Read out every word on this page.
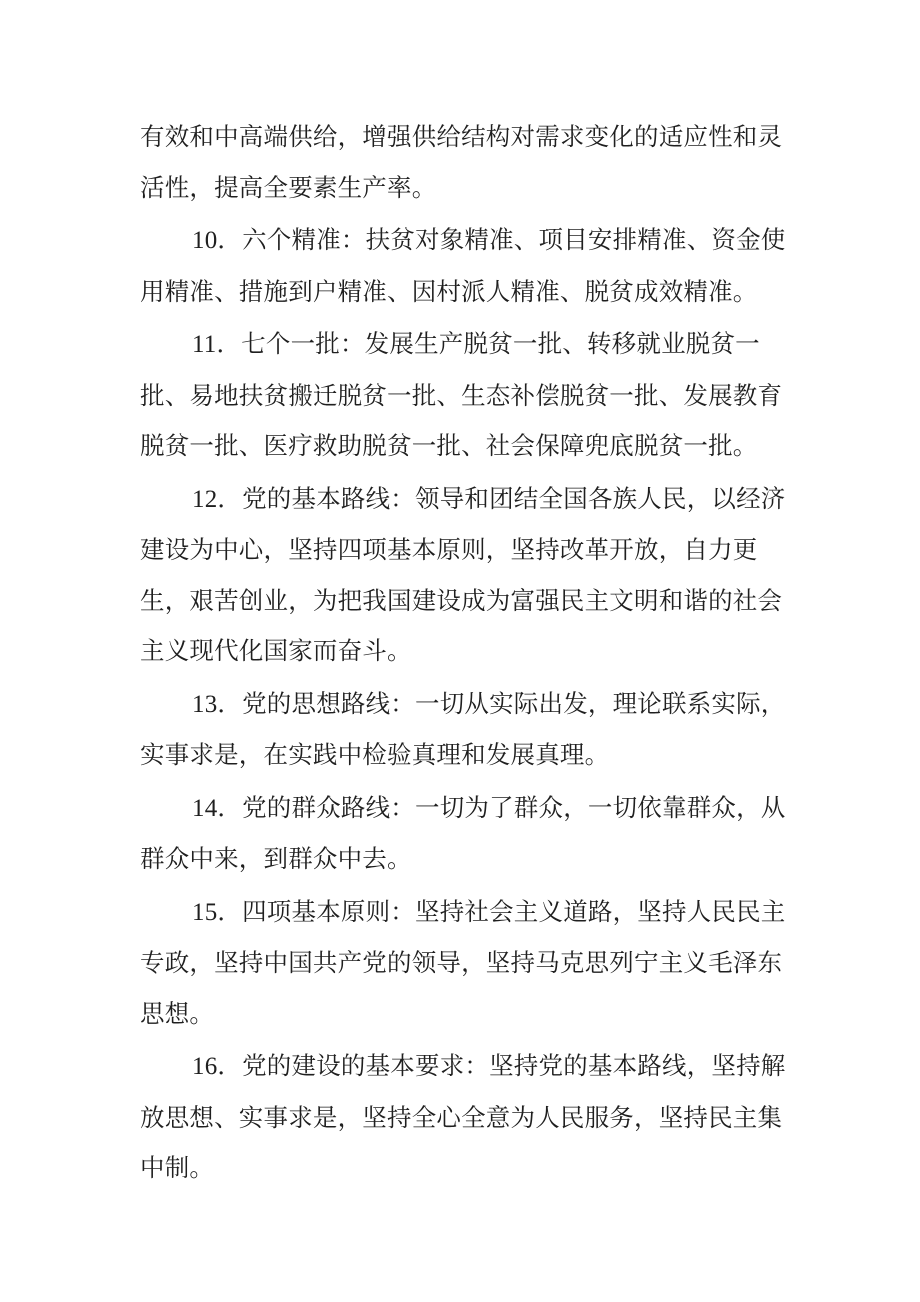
有效和中高端供给，增强供给结构对需求变化的适应性和灵活性，提高全要素生产率。

10．六个精准：扶贫对象精准、项目安排精准、资金使用精准、措施到户精准、因村派人精准、脱贫成效精准。

11．七个一批：发展生产脱贫一批、转移就业脱贫一批、易地扶贫搬迁脱贫一批、生态补偿脱贫一批、发展教育脱贫一批、医疗救助脱贫一批、社会保障兜底脱贫一批。

12．党的基本路线：领导和团结全国各族人民，以经济建设为中心，坚持四项基本原则，坚持改革开放，自力更生，艰苦创业，为把我国建设成为富强民主文明和谐的社会主义现代化国家而奋斗。

13．党的思想路线：一切从实际出发，理论联系实际，实事求是，在实践中检验真理和发展真理。

14．党的群众路线：一切为了群众，一切依靠群众，从群众中来，到群众中去。

15．四项基本原则：坚持社会主义道路，坚持人民民主专政，坚持中国共产党的领导，坚持马克思列宁主义毛泽东思想。

16．党的建设的基本要求：坚持党的基本路线，坚持解放思想、实事求是，坚持全心全意为人民服务，坚持民主集中制。
